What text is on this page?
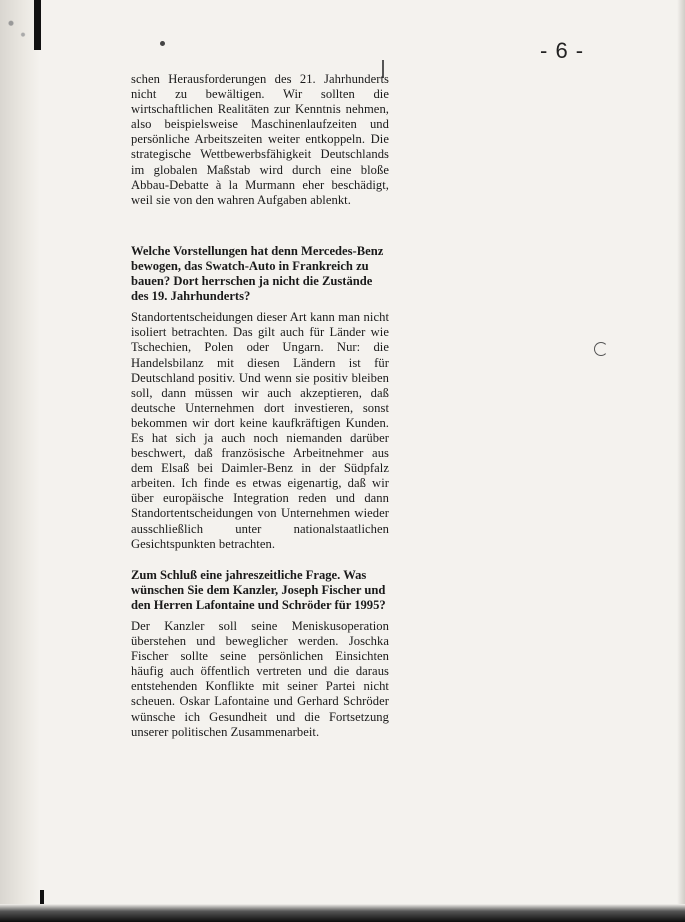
- 6 -

schen Herausforderungen des 21. Jahrhunderts nicht zu bewältigen. Wir sollten die wirtschaftlichen Realitäten zur Kenntnis nehmen, also beispielsweise Maschinenlaufzeiten und persönliche Arbeitszeiten weiter entkoppeln. Die strategische Wettbewerbsfähigkeit Deutschlands im globalen Maßstab wird durch eine bloße Abbau-Debatte à la Murmann eher beschädigt, weil sie von den wahren Aufgaben ablenkt.

Welche Vorstellungen hat denn Mercedes-Benz bewogen, das Swatch-Auto in Frankreich zu bauen? Dort herrschen ja nicht die Zustände des 19. Jahrhunderts?

Standortentscheidungen dieser Art kann man nicht isoliert betrachten. Das gilt auch für Länder wie Tschechien, Polen oder Ungarn. Nur: die Handelsbilanz mit diesen Ländern ist für Deutschland positiv. Und wenn sie positiv bleiben soll, dann müssen wir auch akzeptieren, daß deutsche Unternehmen dort investieren, sonst bekommen wir dort keine kaufkräftigen Kunden. Es hat sich ja auch noch niemanden darüber beschwert, daß französische Arbeitnehmer aus dem Elsaß bei Daimler-Benz in der Südpfalz arbeiten. Ich finde es etwas eigenartig, daß wir über europäische Integration reden und dann Standortentscheidungen von Unternehmen wieder ausschließlich unter nationalstaatlichen Gesichtspunkten betrachten.

Zum Schluß eine jahreszeitliche Frage. Was wünschen Sie dem Kanzler, Joseph Fischer und den Herren Lafontaine und Schröder für 1995?

Der Kanzler soll seine Meniskusoperation überstehen und beweglicher werden. Joschka Fischer sollte seine persönlichen Einsichten häufig auch öffentlich vertreten und die daraus entstehenden Konflikte mit seiner Partei nicht scheuen. Oskar Lafontaine und Gerhard Schröder wünsche ich Gesundheit und die Fortsetzung unserer politischen Zusammenarbeit.
